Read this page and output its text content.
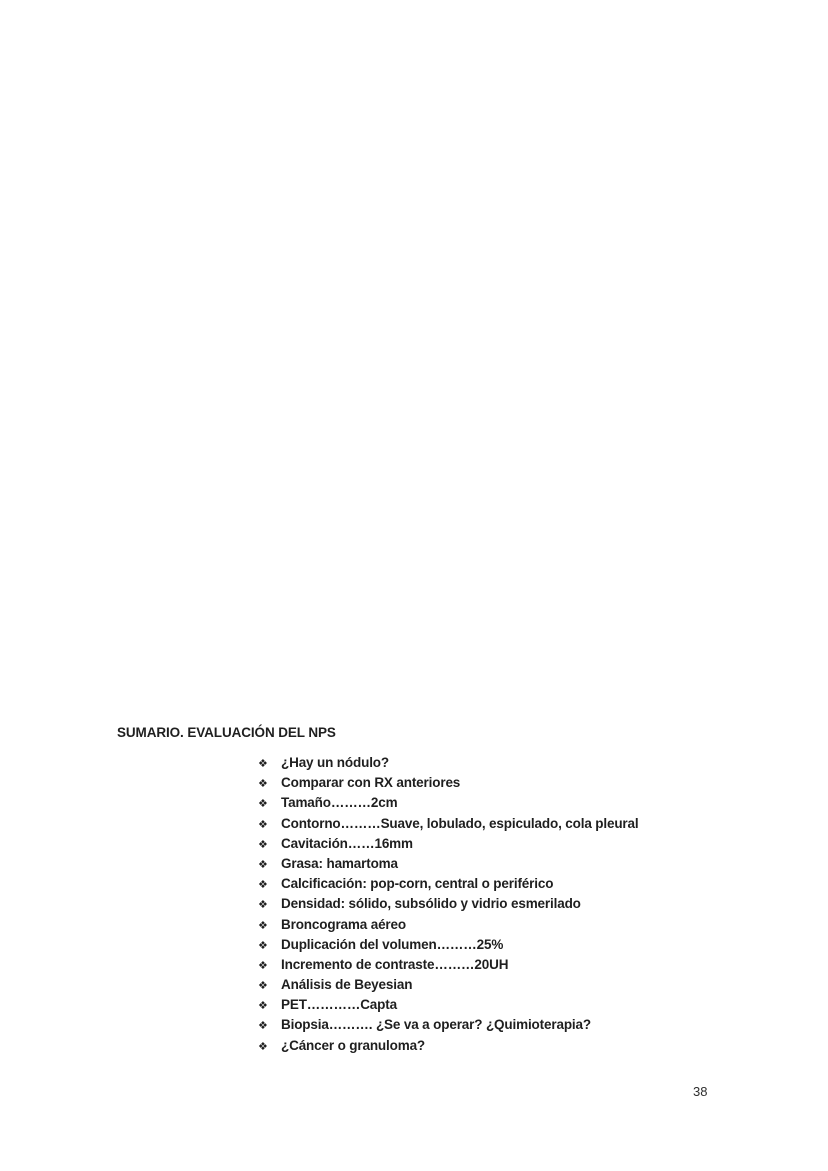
SUMARIO. EVALUACIÓN DEL NPS
❖ ¿Hay un nódulo?
❖ Comparar con RX anteriores
❖ Tamaño………2cm
❖ Contorno………Suave, lobulado, espiculado, cola pleural
❖ Cavitación……16mm
❖ Grasa: hamartoma
❖ Calcificación: pop-corn, central o periférico
❖ Densidad: sólido, subsólido y vidrio esmerilado
❖ Broncograma aéreo
❖ Duplicación del volumen………25%
❖ Incremento de contraste………20UH
❖ Análisis de Beyesian
❖ PET…………Capta
❖ Biopsia………. ¿Se va a operar? ¿Quimioterapia?
❖ ¿Cáncer o granuloma?
38
